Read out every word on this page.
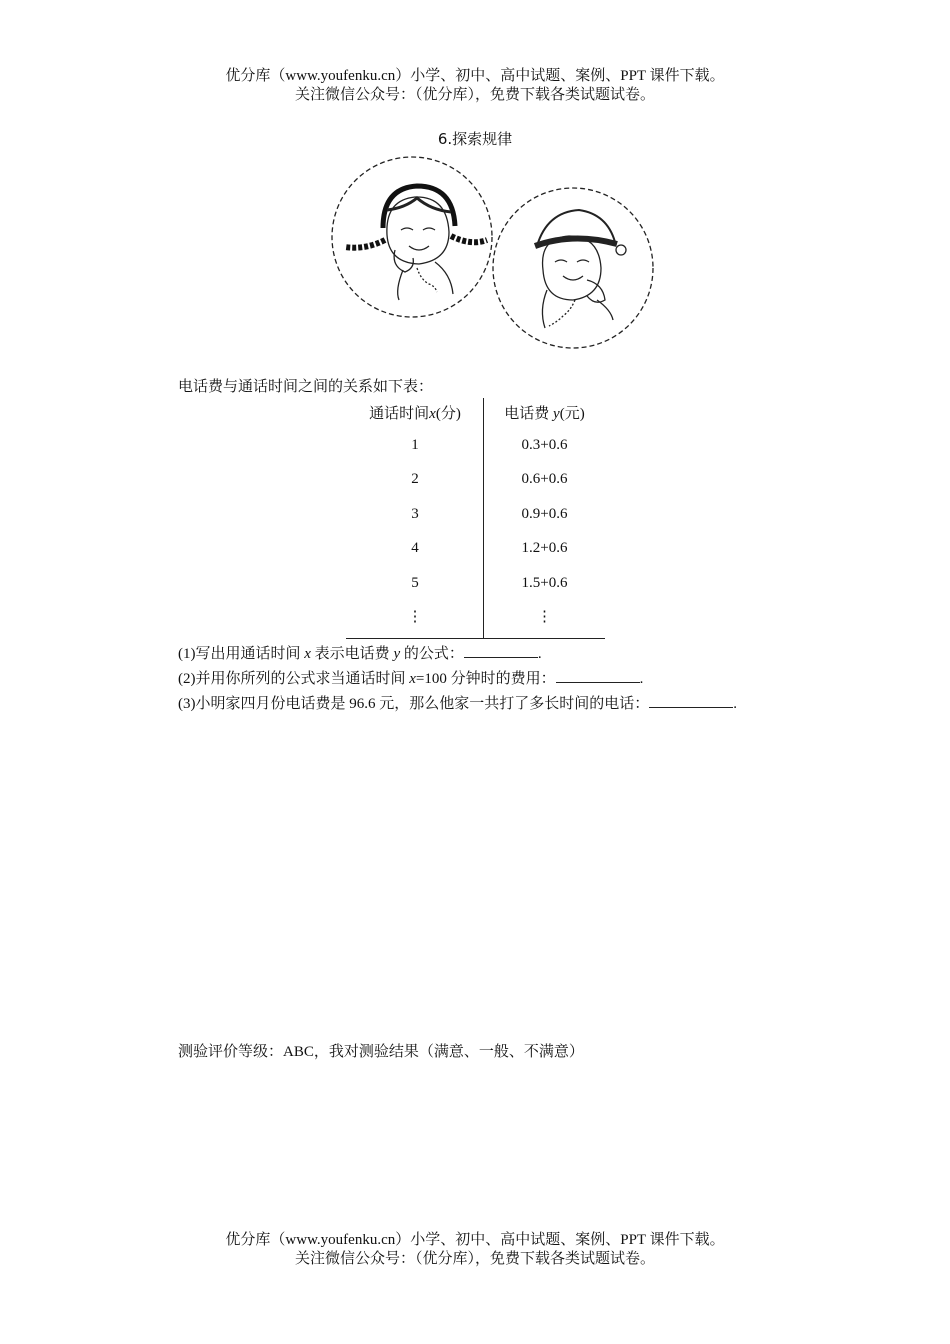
优分库（www.youfenku.cn）小学、初中、高中试题、案例、PPT 课件下载。
关注微信公众号：（优分库），免费下载各类试题试卷。
6.探索规律
电话费与通话时间之间的关系如下表：
通话时间x(分)	电话费 y(元)
1	0.3+0.6
2	0.6+0.6
3	0.9+0.6
4	1.2+0.6
5	1.5+0.6
⋮	⋮
(1)写出用通话时间 x 表示电话费 y 的公式：	.
(2)并用你所列的公式求当通话时间 x=100 分钟时的费用：	.
(3)小明家四月份电话费是 96.6 元，那么他家一共打了多长时间的电话：	.
测验评价等级：ABC，我对测验结果（满意、一般、不满意）
优分库（www.youfenku.cn）小学、初中、高中试题、案例、PPT 课件下载。
关注微信公众号：（优分库），免费下载各类试题试卷。
